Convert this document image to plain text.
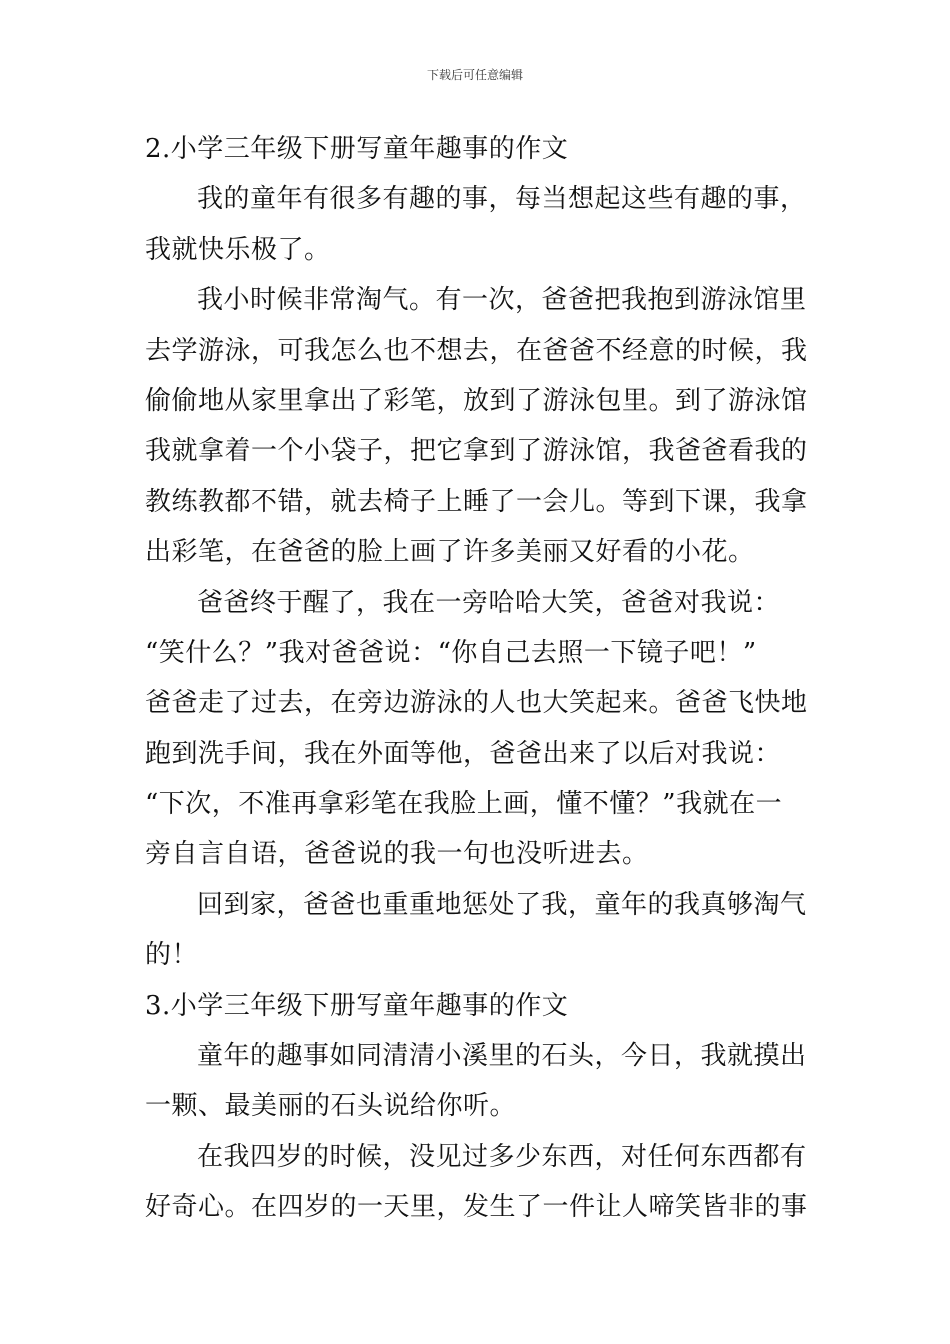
下载后可任意编辑
2.小学三年级下册写童年趣事的作文
我的童年有很多有趣的事，每当想起这些有趣的事，
我就快乐极了。
我小时候非常淘气。有一次，爸爸把我抱到游泳馆里
去学游泳，可我怎么也不想去，在爸爸不经意的时候，我
偷偷地从家里拿出了彩笔，放到了游泳包里。到了游泳馆
我就拿着一个小袋子，把它拿到了游泳馆，我爸爸看我的
教练教都不错，就去椅子上睡了一会儿。等到下课，我拿
出彩笔，在爸爸的脸上画了许多美丽又好看的小花。
爸爸终于醒了，我在一旁哈哈大笑，爸爸对我说：
“笑什么？”我对爸爸说：“你自己去照一下镜子吧！”
爸爸走了过去，在旁边游泳的人也大笑起来。爸爸飞快地
跑到洗手间，我在外面等他，爸爸出来了以后对我说：
“下次，不准再拿彩笔在我脸上画，懂不懂？”我就在一
旁自言自语，爸爸说的我一句也没听进去。
回到家，爸爸也重重地惩处了我，童年的我真够淘气
的！
3.小学三年级下册写童年趣事的作文
童年的趣事如同清清小溪里的石头，今日，我就摸出
一颗、最美丽的石头说给你听。
在我四岁的时候，没见过多少东西，对任何东西都有
好奇心。在四岁的一天里，发生了一件让人啼笑皆非的事
